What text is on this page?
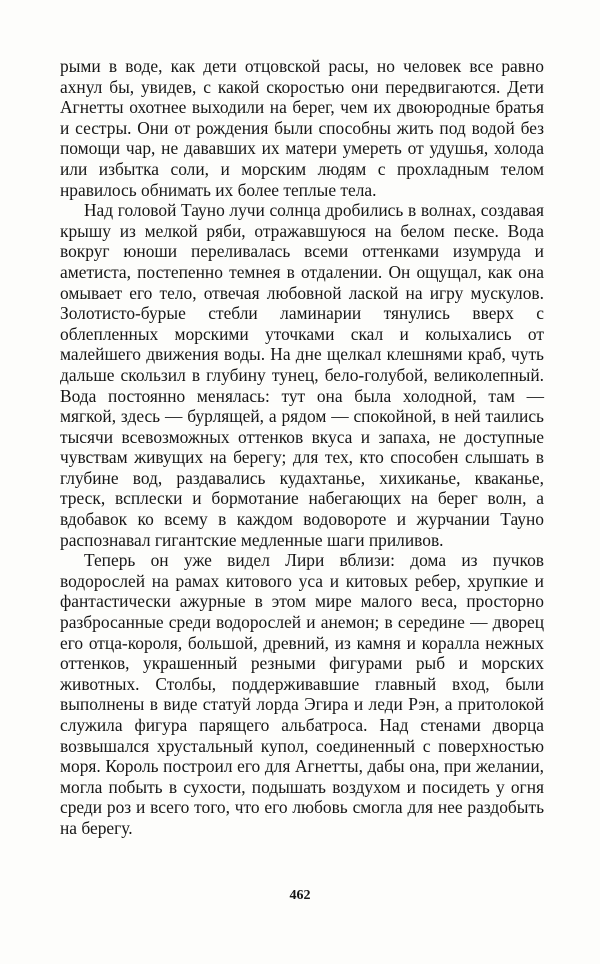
рыми в воде, как дети отцовской расы, но человек все равно ахнул бы, увидев, с какой скоростью они передвигаются. Дети Агнетты охотнее выходили на берег, чем их двоюродные братья и сестры. Они от рождения были способны жить под водой без помощи чар, не дававших их матери умереть от удушья, холода или избытка соли, и морским людям с прохладным телом нравилось обнимать их более теплые тела.

Над головой Тауно лучи солнца дробились в волнах, создавая крышу из мелкой ряби, отражавшуюся на белом песке. Вода вокруг юноши переливалась всеми оттенками изумруда и аметиста, постепенно темнея в отдалении. Он ощущал, как она омывает его тело, отвечая любовной лаской на игру мускулов. Золотисто-бурые стебли ламинарии тянулись вверх с облепленных морскими уточками скал и колыхались от малейшего движения воды. На дне щелкал клешнями краб, чуть дальше скользил в глубину тунец, бело-голубой, великолепный. Вода постоянно менялась: тут она была холодной, там — мягкой, здесь — бурлящей, а рядом — спокойной, в ней таились тысячи всевозможных оттенков вкуса и запаха, не доступные чувствам живущих на берегу; для тех, кто способен слышать в глубине вод, раздавались кудахтанье, хихиканье, кваканье, треск, всплески и бормотание набегающих на берег волн, а вдобавок ко всему в каждом водовороте и журчании Тауно распознавал гигантские медленные шаги приливов.

Теперь он уже видел Лири вблизи: дома из пучков водорослей на рамах китового уса и китовых ребер, хрупкие и фантастически ажурные в этом мире малого веса, просторно разбросанные среди водорослей и анемон; в середине — дворец его отца-короля, большой, древний, из камня и коралла нежных оттенков, украшенный резными фигурами рыб и морских животных. Столбы, поддерживавшие главный вход, были выполнены в виде статуй лорда Эгира и леди Рэн, а притолокой служила фигура парящего альбатроса. Над стенами дворца возвышался хрустальный купол, соединенный с поверхностью моря. Король построил его для Агнетты, дабы она, при желании, могла побыть в сухости, подышать воздухом и посидеть у огня среди роз и всего того, что его любовь смогла для нее раздобыть на берегу.

462
